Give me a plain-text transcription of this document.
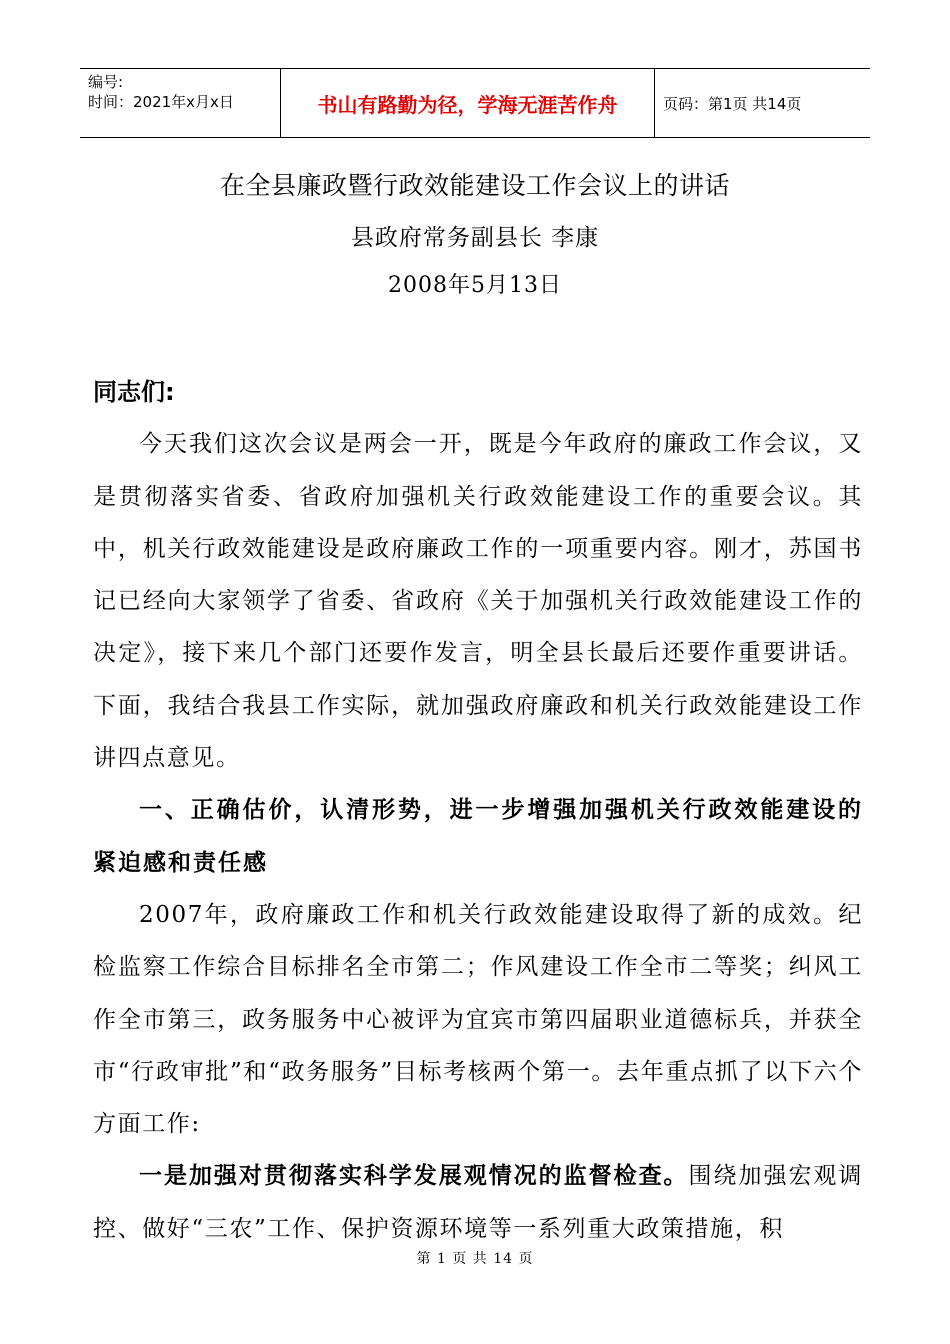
编号:
时间：2021年x月x日	书山有路勤为径，学海无涯苦作舟	页码：第1页 共14页
在全县廉政暨行政效能建设工作会议上的讲话
县政府常务副县长 李康
2008年5月13日

同志们:

今天我们这次会议是两会一开，既是今年政府的廉政工作会议，又是贯彻落实省委、省政府加强机关行政效能建设工作的重要会议。其中，机关行政效能建设是政府廉政工作的一项重要内容。刚才，苏国书记已经向大家领学了省委、省政府《关于加强机关行政效能建设工作的决定》，接下来几个部门还要作发言，明全县长最后还要作重要讲话。下面，我结合我县工作实际，就加强政府廉政和机关行政效能建设工作讲四点意见。

一、正确估价，认清形势，进一步增强加强机关行政效能建设的紧迫感和责任感

2007年，政府廉政工作和机关行政效能建设取得了新的成效。纪检监察工作综合目标排名全市第二；作风建设工作全市二等奖；纠风工作全市第三，政务服务中心被评为宜宾市第四届职业道德标兵，并获全市“行政审批”和“政务服务”目标考核两个第一。去年重点抓了以下六个方面工作:

一是加强对贯彻落实科学发展观情况的监督检查。围绕加强宏观调控、做好“三农”工作、保护资源环境等一系列重大政策措施，积

第 1 页 共 14 页
